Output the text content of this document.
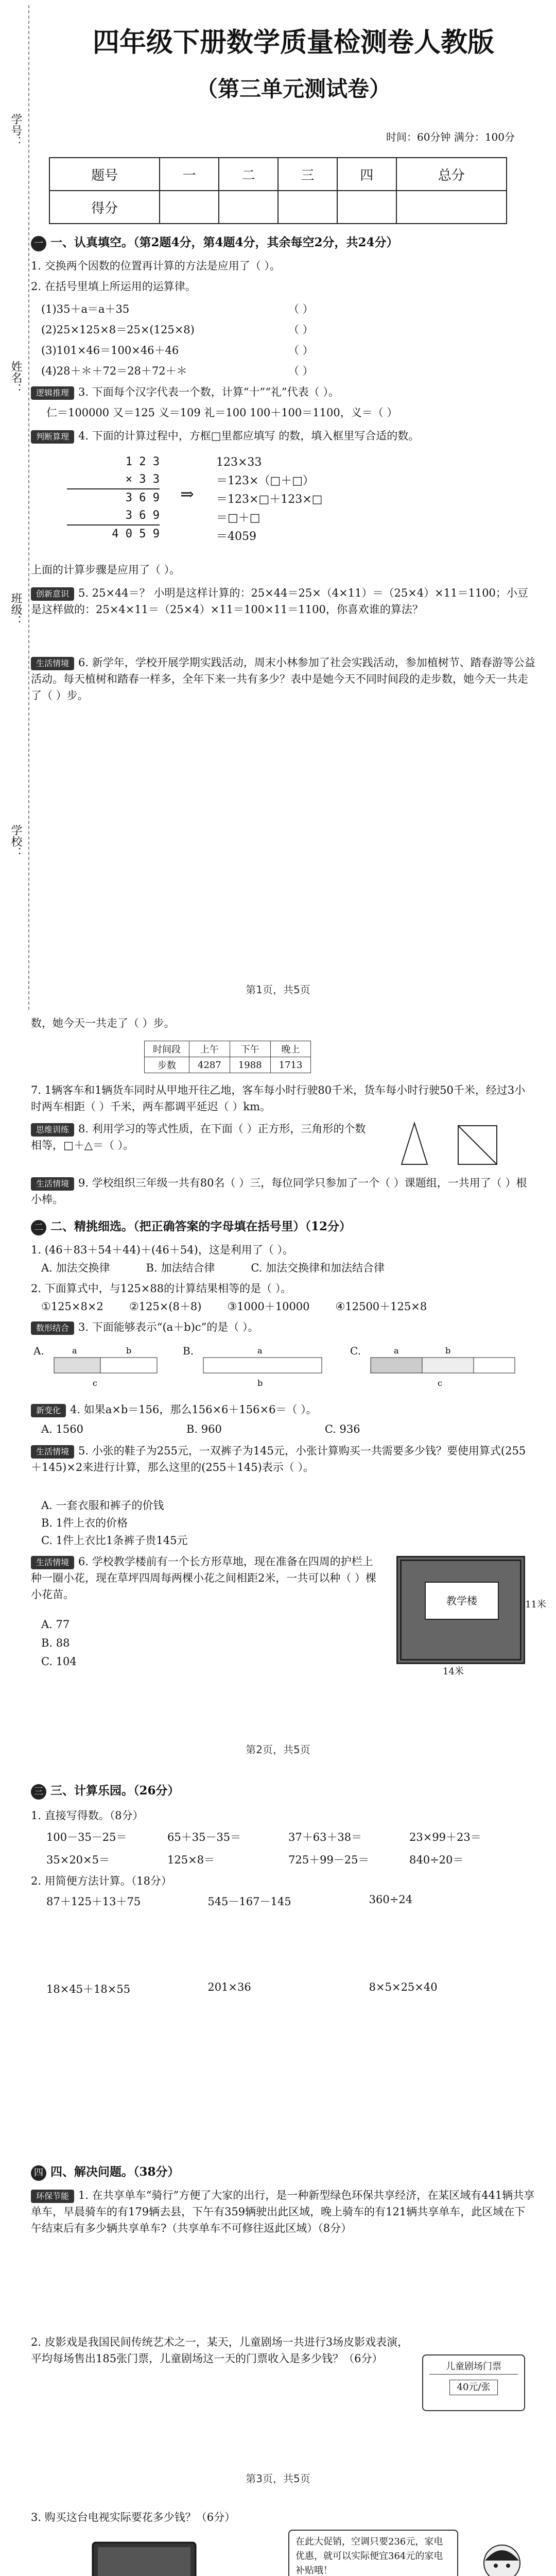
学号：
姓名：
班级：
学校：
四年级下册数学质量检测卷人教版
（第三单元测试卷）
时间：60分钟 满分：100分
题号	一	二	三	四	总分
得分					
一 一、认真填空。（第2题4分，第4题4分，其余每空2分，共24分）
1. 交换两个因数的位置再计算的方法是应用了（ ）。
2. 在括号里填上所运用的运算律。
(1)35＋a＝a＋35
(2)25×125×8＝25×(125×8)
(3)101×46＝100×46＋46
(4)28＋＊＋72＝28＋72＋＊
（ ）
（ ）
（ ）
（ ）
逻辑推理 3. 下面每个汉字代表一个数，计算“十”“礼”代表（ ）。
仁＝100000 又＝125 义＝109 礼＝100 100＋100＝1100，义＝（ ）
判断算理 4. 下面的计算过程中，方框□里都应填写 的数，填入框里写合适的数。
1 2 3
× 3 3
3 6 9
3 6 9
4 0 5 9
⇒
123×33
＝123×（□＋□）
＝123×□＋123×□
＝□＋□
＝4059
上面的计算步骤是应用了（ ）。
创新意识 5. 25×44＝？ 小明是这样计算的：25×44＝25×（4×11）＝（25×4）×11＝1100；小豆是这样做的：25×4×11＝（25×4）×11＝100×11＝1100，你喜欢谁的算法？
生活情境 6. 新学年，学校开展学期实践活动，周末小林参加了社会实践活动，参加植树节、踏春游等公益活动。每天植树和踏春一样多，全年下来一共有多少？表中是她今天不同时间段的走步数，她今天一共走了（ ）步。
第1页，共5页
数，她今天一共走了（ ）步。
时间段	上午	下午	晚上
步数	4287	1988	1713
7. 1辆客车和1辆货车同时从甲地开往乙地，客车每小时行驶80千米，货车每小时行驶50千米，经过3小时两车相距（ ）千米，两车都调平延迟（ ）km。
思维训练 8. 利用学习的等式性质，在下面（ ）正方形，三角形的个数相等，□＋△＝（ ）。
生活情境 9. 学校组织三年级一共有80名（ ）三，每位同学只参加了一个（ ）课题组，一共用了（ ）根小棒。
二 二、精挑细选。（把正确答案的字母填在括号里）（12分）
1. (46＋83＋54＋44)＋(46＋54)，这是利用了（ ）。
A. 加法交换律	B. 加法结合律	C. 加法交换律和加法结合律
2. 下面算式中，与125×88的计算结果相等的是（ ）。
①125×8×2 ②125×(8＋8) ③1000＋10000 ④12500＋125×8
数形结合 3. 下面能够表示“(a＋b)c”的是（ ）。
A.	a	b
c
B.	a
b
C.	a	b
c
新变化 4. 如果a×b＝156，那么156×6＋156×6＝（ ）。
A. 1560	B. 960	C. 936
生活情境 5. 小张的鞋子为255元，一双裤子为145元，小张计算购买一共需要多少钱？要使用算式(255＋145)×2来进行计算，那么这里的(255＋145)表示（ ）。
A. 一套衣服和裤子的价钱
B. 1件上衣的价格
C. 1件上衣比1条裤子贵145元
生活情境 6. 学校教学楼前有一个长方形草地，现在准备在四周的护栏上种一圈小花，现在草坪四周每两棵小花之间相距2米，一共可以种（ ）棵小花苗。
A. 77
B. 88
C. 104
教学楼	11米
14米
第2页，共5页
三 三、计算乐园。（26分）
1. 直接写得数。（8分）
100－35－25＝	65＋35－35＝	37＋63＋38＝	23×99＋23＝
35×20×5＝	125×8＝	725＋99－25＝	840÷20＝
2. 用简便方法计算。（18分）
87＋125＋13＋75	545－167－145	360÷24
18×45＋18×55	201×36	8×5×25×40
四 四、解决问题。（38分）
环保节能 1. 在共享单车“骑行”方便了大家的出行，是一种新型绿色环保共享经济，在某区域有441辆共享单车，早晨骑车的有179辆去县，下午有359辆驶出此区域，晚上骑车的有121辆共享单车，此区域在下午结束后有多少辆共享单车?（共享单车不可修往返此区域）（8分）
2. 皮影戏是我国民间传统艺术之一，某天，儿童剧场一共进行3场皮影戏表演，平均每场售出185张门票，儿童剧场这一天的门票收入是多少钱？（6分）
儿童剧场门票
40元/张
第3页，共5页
3. 购买这台电视实际要花多少钱？（6分）
在此大促销，空调只要236元，家电优惠，就可以实际便宜364元的家电补贴哦！
